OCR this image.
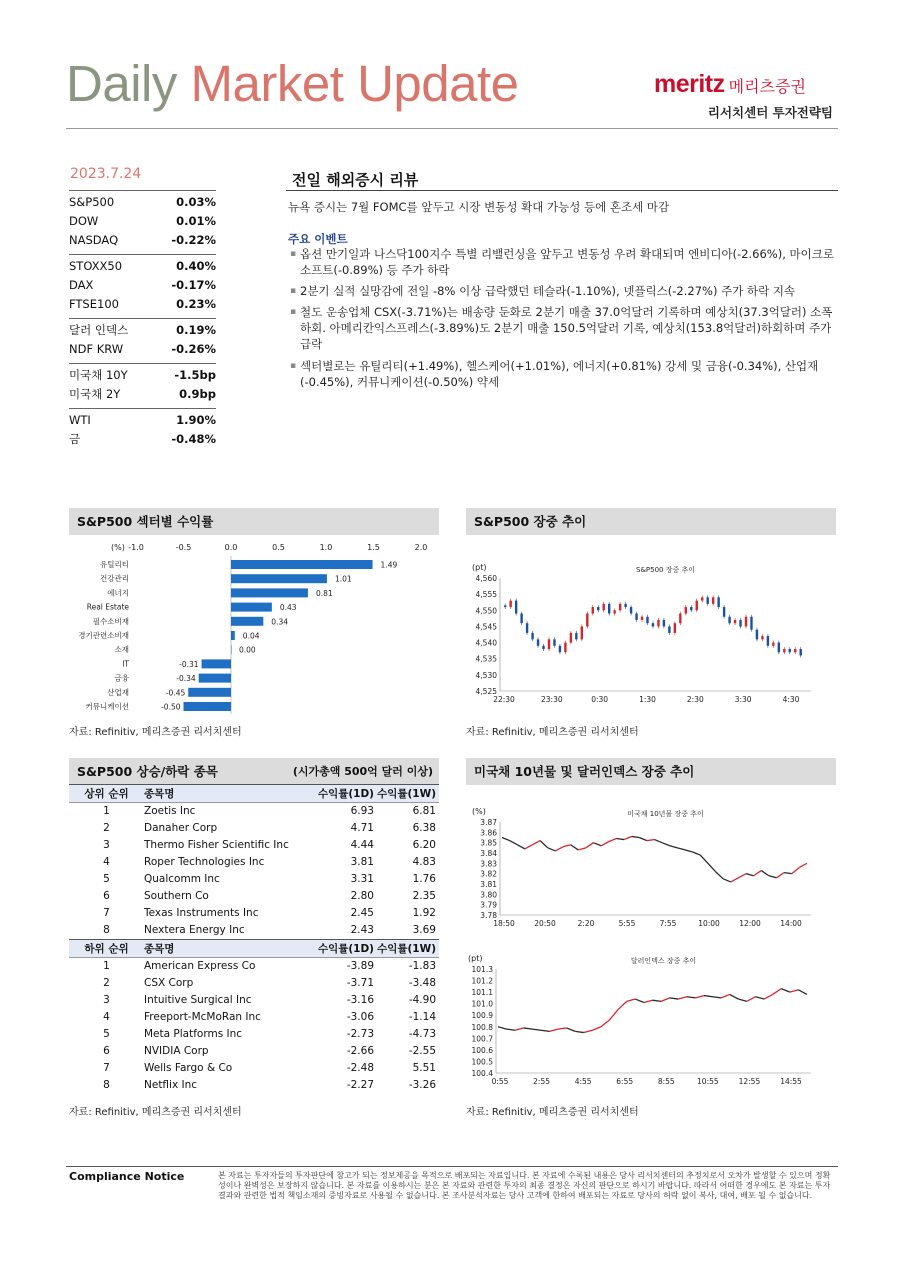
Daily Market Update	meritz 메리츠증권
리서치센터 투자전략팀
2023.7.24
S&P500	0.03%
DOW	0.01%
NASDAQ	-0.22%
STOXX50	0.40%
DAX	-0.17%
FTSE100	0.23%
달러 인덱스	0.19%
NDF KRW	-0.26%
미국채 10Y	-1.5bp
미국채 2Y	0.9bp
WTI	1.90%
금	-0.48%
전일 해외증시 리뷰
뉴욕 증시는 7월 FOMC를 앞두고 시장 변동성 확대 가능성 등에 혼조세 마감
주요 이벤트
▪ 옵션 만기일과 나스닥100지수 특별 리밸런싱을 앞두고 변동성 우려 확대되며 엔비디아(-2.66%), 마이크로소프트(-0.89%) 등 주가 하락
▪ 2분기 실적 실망감에 전일 -8% 이상 급락했던 테슬라(-1.10%), 넷플릭스(-2.27%) 주가 하락 지속
▪ 철도 운송업체 CSX(-3.71%)는 배송량 둔화로 2분기 매출 37.0억달러 기록하며 예상치(37.3억달러) 소폭 하회. 아메리칸익스프레스(-3.89%)도 2분기 매출 150.5억달러 기록, 예상치(153.8억달러)하회하며 주가 급락
▪ 섹터별로는 유틸리티(+1.49%), 헬스케어(+1.01%), 에너지(+0.81%) 강세 및 금융(-0.34%), 산업재(-0.45%), 커뮤니케이션(-0.50%) 약세
S&P500 섹터별 수익률
(%) -1.0	-0.5	0.0	0.5	1.0	1.5	2.0
유틸리티	1.49
건강관리	1.01
에너지	0.81
Real Estate	0.43
필수소비재	0.34
경기관련소비재	0.04
소재	0.00
IT	-0.31
금융	-0.34
산업재	-0.45
커뮤니케이션	-0.50
자료: Refinitiv, 메리츠증권 리서치센터
S&P500 장중 추이
(pt)	S&P500 장중 추이
4,560
4,555
4,550
4,545
4,540
4,535
4,530
4,525
22:30	23:30	0:30	1:30	2:30	3:30	4:30
자료: Refinitiv, 메리츠증권 리서치센터
S&P500 상승/하락 종목	(시가총액 500억 달러 이상)
상위 순위	종목명	수익률(1D) 수익률(1W)
1	Zoetis Inc	6.93	6.81
2	Danaher Corp	4.71	6.38
3	Thermo Fisher Scientific Inc	4.44	6.20
4	Roper Technologies Inc	3.81	4.83
5	Qualcomm Inc	3.31	1.76
6	Southern Co	2.80	2.35
7	Texas Instruments Inc	2.45	1.92
8	Nextera Energy Inc	2.43	3.69
하위 순위	종목명	수익률(1D) 수익률(1W)
1	American Express Co	-3.89	-1.83
2	CSX Corp	-3.71	-3.48
3	Intuitive Surgical Inc	-3.16	-4.90
4	Freeport-McMoRan Inc	-3.06	-1.14
5	Meta Platforms Inc	-2.73	-4.73
6	NVIDIA Corp	-2.66	-2.55
7	Wells Fargo & Co	-2.48	5.51
8	Netflix Inc	-2.27	-3.26
자료: Refinitiv, 메리츠증권 리서치센터
미국채 10년물 및 달러인덱스 장중 추이
(%)	미국채 10년물 장중 추이
3.87
3.86
3.85
3.84
3.83
3.82
3.81
3.80
3.79
3.78
18:50	20:50	2:20	5:55	7:55	10:00	12:00	14:00
(pt)	달러인덱스 장중 추이
101.3
101.2
101.1
101.0
100.9
100.8
100.7
100.6
100.5
100.4
0:55	2:55	4:55	6:55	8:55	10:55	12:55	14:55
자료: Refinitiv, 메리츠증권 리서치센터
Compliance Notice	본 자료는 투자자들의 투자판단에 참고가 되는 정보제공을 목적으로 배포되는 자료입니다. 본 자료에 수록된 내용은 당사 리서치센터의 추정치로서 오차가 발생할 수 있으며 정확성이나 완벽성은 보장하지 않습니다. 본 자료를 이용하시는 분은 본 자료와 관련한 투자의 최종 결정은 자신의 판단으로 하시기 바랍니다. 따라서 어떠한 경우에도 본 자료는 투자 결과와 관련한 법적 책임소재의 증빙자료로 사용될 수 없습니다. 본 조사분석자료는 당사 고객에 한하여 배포되는 자료로 당사의 허락 없이 복사, 대여, 배포 될 수 없습니다.
